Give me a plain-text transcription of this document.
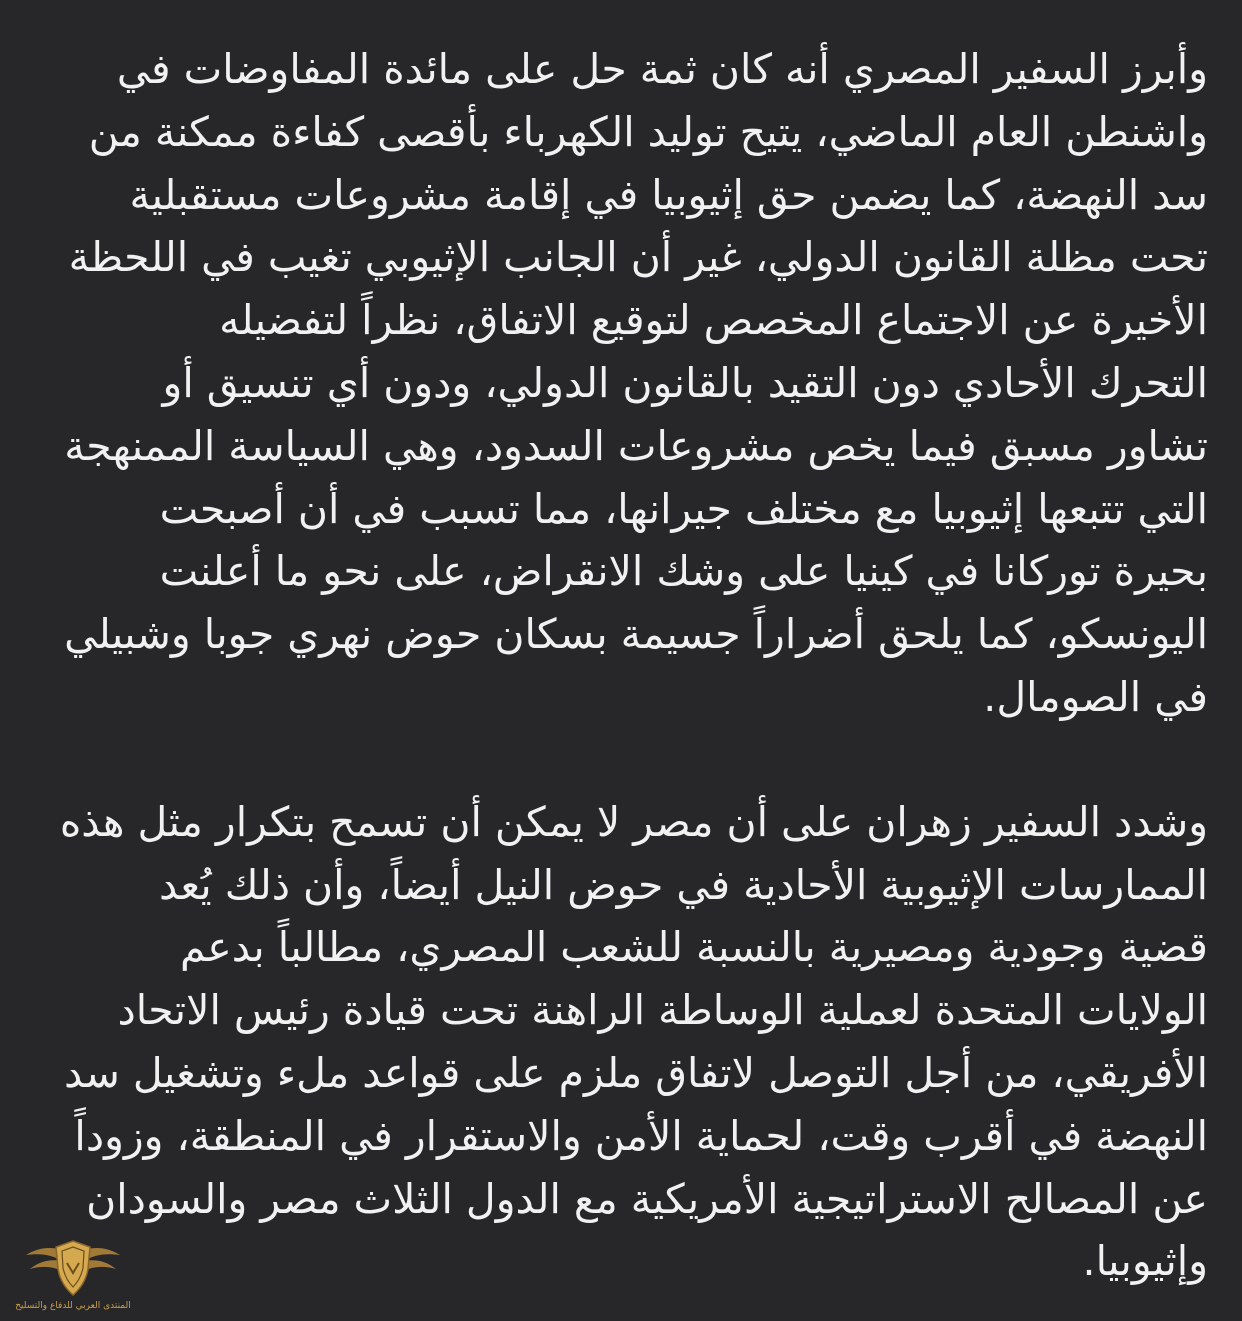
وأبرز السفير المصري أنه كان ثمة حل على مائدة المفاوضات في
واشنطن العام الماضي، يتيح توليد الكهرباء بأقصى كفاءة ممكنة من
سد النهضة، كما يضمن حق إثيوبيا في إقامة مشروعات مستقبلية
تحت مظلة القانون الدولي، غير أن الجانب الإثيوبي تغيب في اللحظة
الأخيرة عن الاجتماع المخصص لتوقيع الاتفاق، نظراً لتفضيله
التحرك الأحادي دون التقيد بالقانون الدولي، ودون أي تنسيق أو
تشاور مسبق فيما يخص مشروعات السدود، وهي السياسة الممنهجة
التي تتبعها إثيوبيا مع مختلف جيرانها، مما تسبب في أن أصبحت
بحيرة توركانا في كينيا على وشك الانقراض، على نحو ما أعلنت
اليونسكو، كما يلحق أضراراً جسيمة بسكان حوض نهري جوبا وشبيلي
في الصومال.
وشدد السفير زهران على أن مصر لا يمكن أن تسمح بتكرار مثل هذه
الممارسات الإثيوبية الأحادية في حوض النيل أيضاً، وأن ذلك يُعد
قضية وجودية ومصيرية بالنسبة للشعب المصري، مطالباً بدعم
الولايات المتحدة لعملية الوساطة الراهنة تحت قيادة رئيس الاتحاد
الأفريقي، من أجل التوصل لاتفاق ملزم على قواعد ملء وتشغيل سد
النهضة في أقرب وقت، لحماية الأمن والاستقرار في المنطقة، وزوداً
عن المصالح الاستراتيجية الأمريكية مع الدول الثلاث مصر والسودان
وإثيوبيا.
المنتدى العربي للدفاع والتسليح
